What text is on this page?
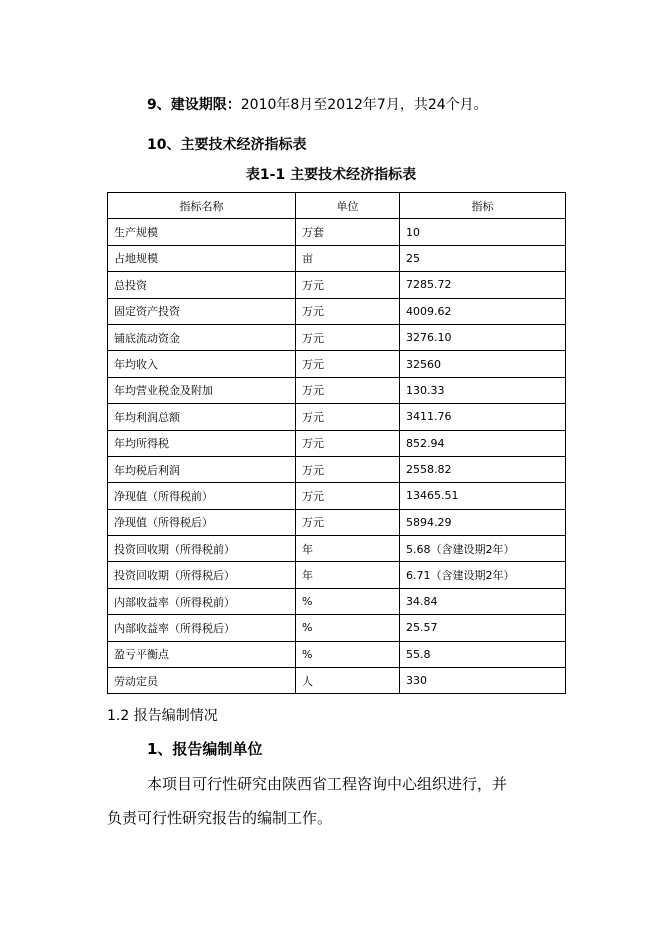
9、建设期限：2010年8月至2012年7月，共24个月。
10、主要技术经济指标表
表1-1 主要技术经济指标表
指标名称	单位	指标
生产规模	万套	10
占地规模	亩	25
总投资	万元	7285.72
固定资产投资	万元	4009.62
铺底流动资金	万元	3276.10
年均收入	万元	32560
年均营业税金及附加	万元	130.33
年均利润总额	万元	3411.76
年均所得税	万元	852.94
年均税后利润	万元	2558.82
净现值（所得税前）	万元	13465.51
净现值（所得税后）	万元	5894.29
投资回收期（所得税前）	年	5.68（含建设期2年）
投资回收期（所得税后）	年	6.71（含建设期2年）
内部收益率（所得税前）	%	34.84
内部收益率（所得税后）	%	25.57
盈亏平衡点	%	55.8
劳动定员	人	330
1.2 报告编制情况
1、报告编制单位
本项目可行性研究由陕西省工程咨询中心组织进行，并
负责可行性研究报告的编制工作。
